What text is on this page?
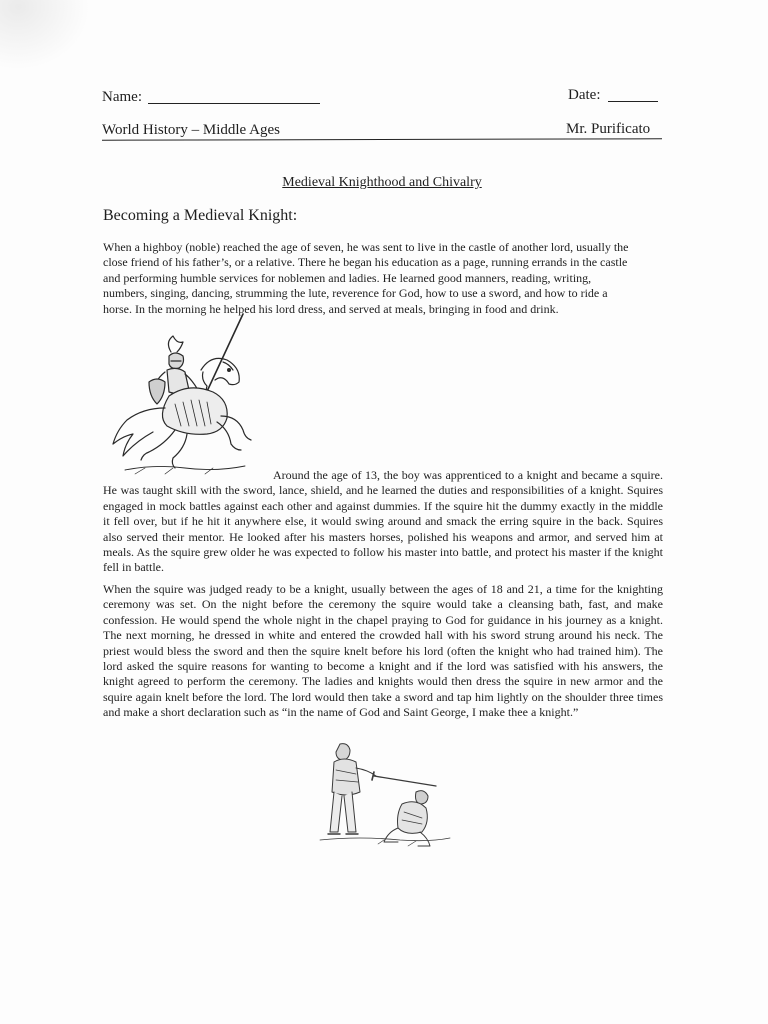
Name:	Date:
World History – Middle Ages	Mr. Purificato
Medieval Knighthood and Chivalry
Becoming a Medieval Knight:

When a highboy (noble) reached the age of seven, he was sent to live in the castle of another lord, usually the close friend of his father’s, or a relative. There he began his education as a page, running errands in the castle and performing humble services for noblemen and ladies. He learned good manners, reading, writing, numbers, singing, dancing, strumming the lute, reverence for God, how to use a sword, and how to ride a horse. In the morning he helped his lord dress, and served at meals, bringing in food and drink.

Around the age of 13, the boy was apprenticed to a knight and became a squire. He was taught skill with the sword, lance, shield, and he learned the duties and responsibilities of a knight. Squires engaged in mock battles against each other and against dummies. If the squire hit the dummy exactly in the middle it fell over, but if he hit it anywhere else, it would swing around and smack the erring squire in the back. Squires also served their mentor. He looked after his masters horses, polished his weapons and armor, and served him at meals. As the squire grew older he was expected to follow his master into battle, and protect his master if the knight fell in battle.

When the squire was judged ready to be a knight, usually between the ages of 18 and 21, a time for the knighting ceremony was set. On the night before the ceremony the squire would take a cleansing bath, fast, and make confession. He would spend the whole night in the chapel praying to God for guidance in his journey as a knight. The next morning, he dressed in white and entered the crowded hall with his sword strung around his neck. The priest would bless the sword and then the squire knelt before his lord (often the knight who had trained him). The lord asked the squire reasons for wanting to become a knight and if the lord was satisfied with his answers, the knight agreed to perform the ceremony. The ladies and knights would then dress the squire in new armor and the squire again knelt before the lord. The lord would then take a sword and tap him lightly on the shoulder three times and make a short declaration such as “in the name of God and Saint George, I make thee a knight.”
